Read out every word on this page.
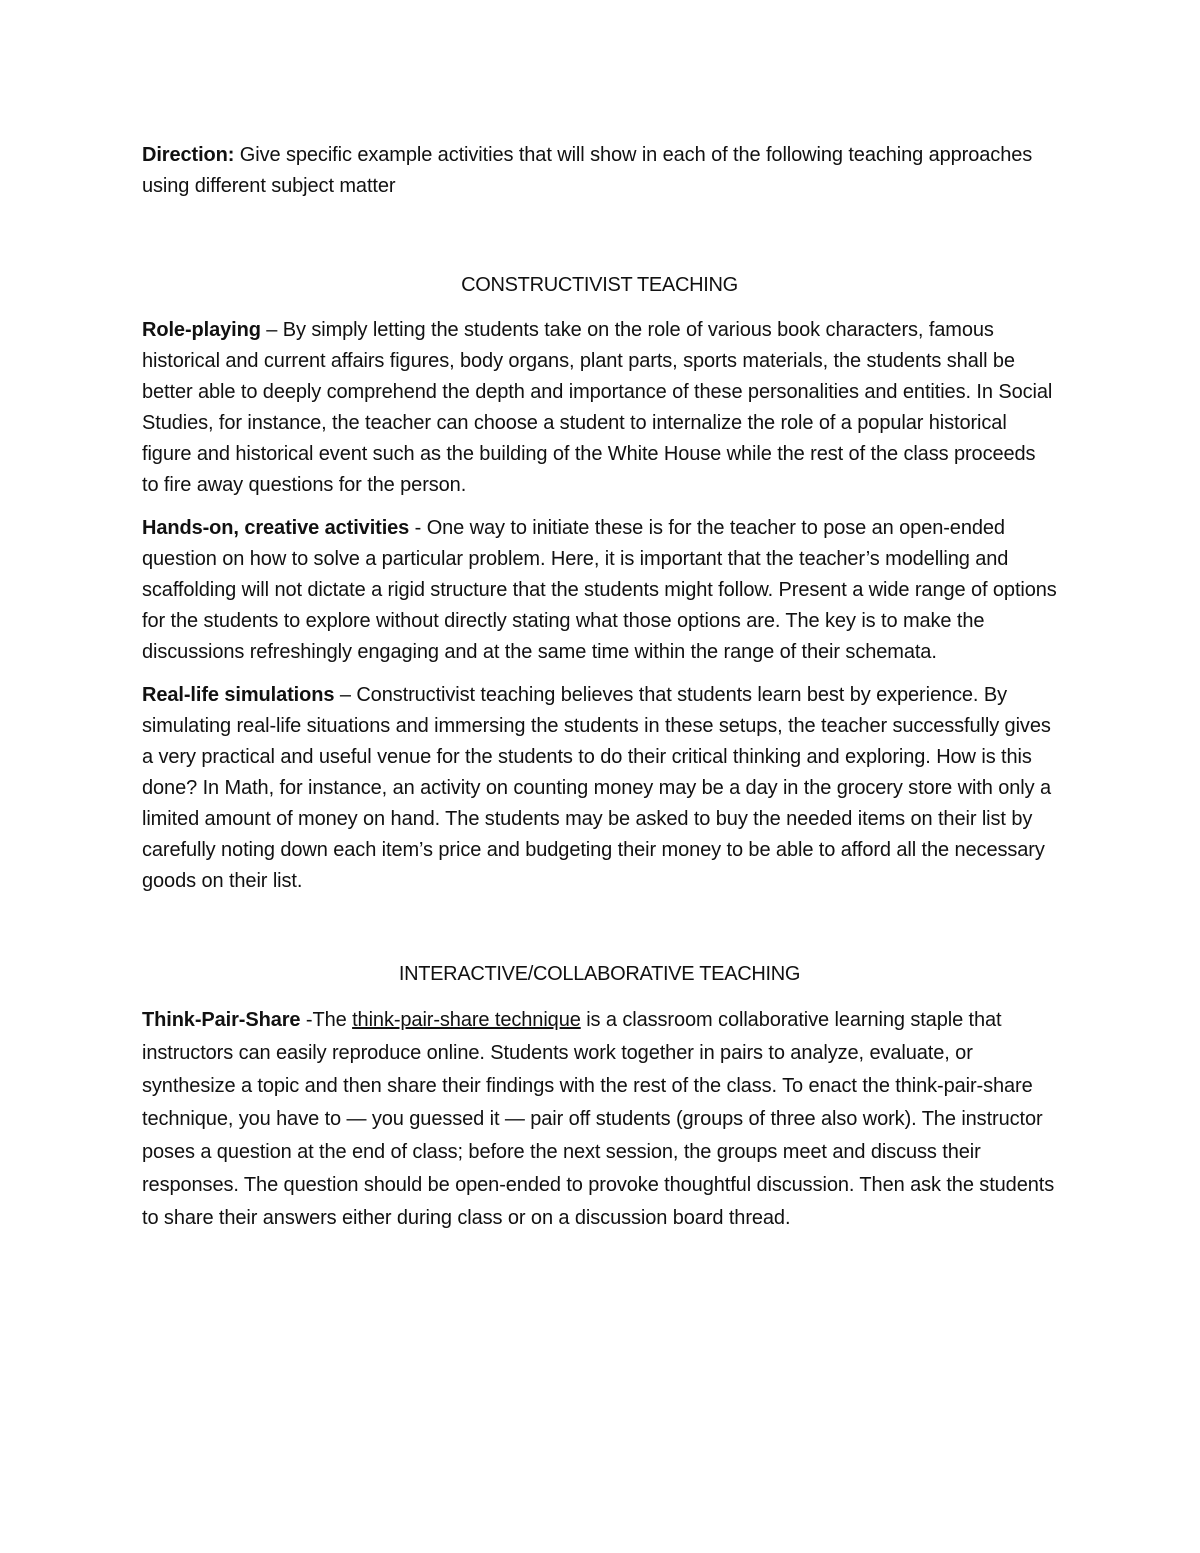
Direction: Give specific example activities that will show in each of the following teaching approaches using different subject matter

CONSTRUCTIVIST TEACHING

Role-playing – By simply letting the students take on the role of various book characters, famous historical and current affairs figures, body organs, plant parts, sports materials, the students shall be better able to deeply comprehend the depth and importance of these personalities and entities. In Social Studies, for instance, the teacher can choose a student to internalize the role of a popular historical figure and historical event such as the building of the White House while the rest of the class proceeds to fire away questions for the person.

Hands-on, creative activities - One way to initiate these is for the teacher to pose an open-ended question on how to solve a particular problem. Here, it is important that the teacher’s modelling and scaffolding will not dictate a rigid structure that the students might follow. Present a wide range of options for the students to explore without directly stating what those options are. The key is to make the discussions refreshingly engaging and at the same time within the range of their schemata.

Real-life simulations – Constructivist teaching believes that students learn best by experience. By simulating real-life situations and immersing the students in these setups, the teacher successfully gives a very practical and useful venue for the students to do their critical thinking and exploring. How is this done? In Math, for instance, an activity on counting money may be a day in the grocery store with only a limited amount of money on hand. The students may be asked to buy the needed items on their list by carefully noting down each item’s price and budgeting their money to be able to afford all the necessary goods on their list.

INTERACTIVE/COLLABORATIVE TEACHING

Think-Pair-Share -The think-pair-share technique is a classroom collaborative learning staple that instructors can easily reproduce online. Students work together in pairs to analyze, evaluate, or synthesize a topic and then share their findings with the rest of the class. To enact the think-pair-share technique, you have to — you guessed it — pair off students (groups of three also work). The instructor poses a question at the end of class; before the next session, the groups meet and discuss their responses. The question should be open-ended to provoke thoughtful discussion. Then ask the students to share their answers either during class or on a discussion board thread.
